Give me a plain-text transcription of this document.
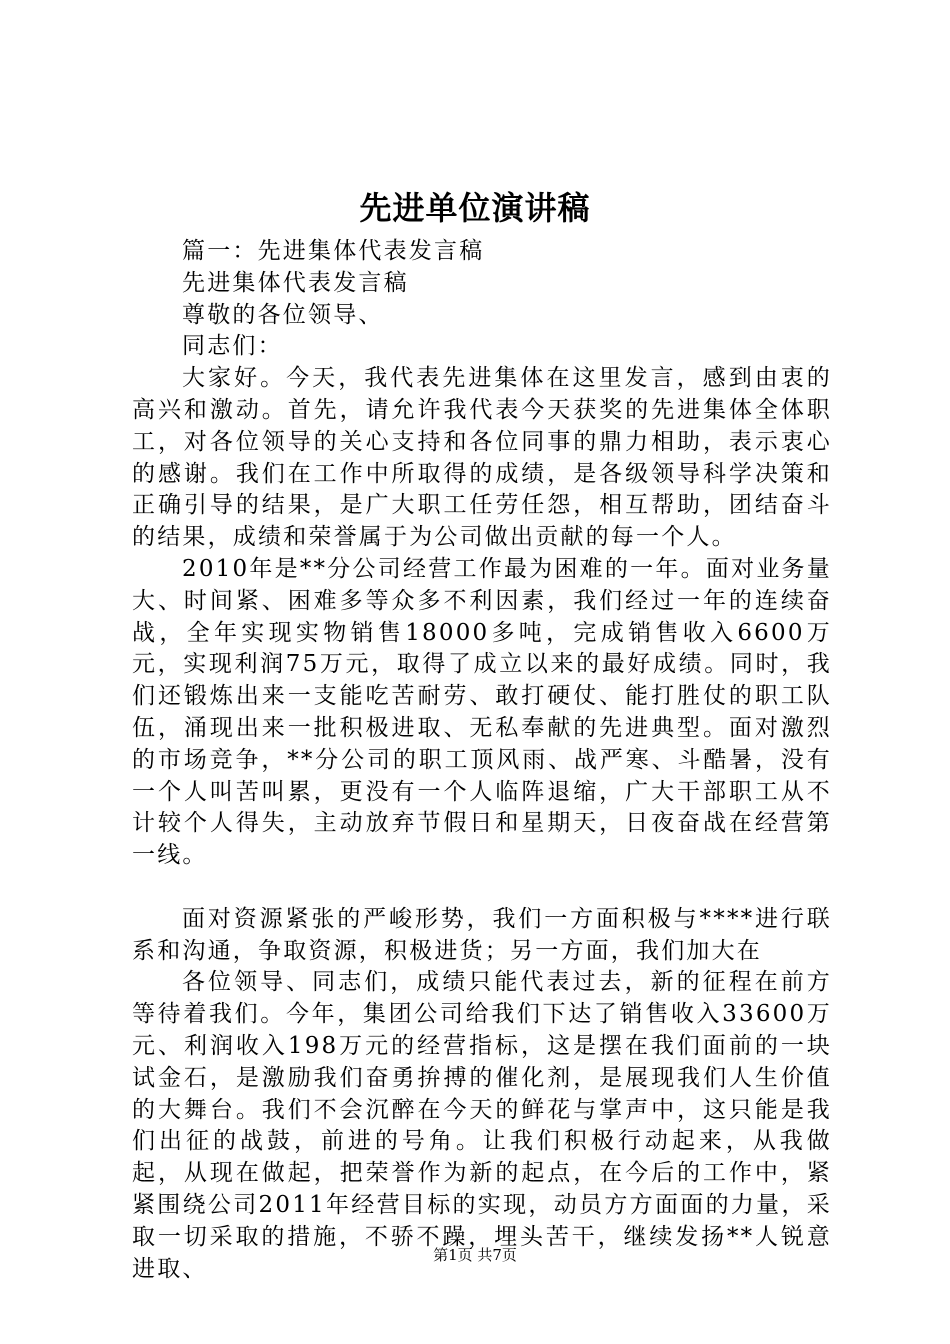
先进单位演讲稿

篇一：先进集体代表发言稿

先进集体代表发言稿

尊敬的各位领导、

同志们：

大家好。今天，我代表先进集体在这里发言，感到由衷的高兴和激动。首先，请允许我代表今天获奖的先进集体全体职工，对各位领导的关心支持和各位同事的鼎力相助，表示衷心的感谢。我们在工作中所取得的成绩，是各级领导科学决策和正确引导的结果，是广大职工任劳任怨，相互帮助，团结奋斗的结果，成绩和荣誉属于为公司做出贡献的每一个人。

2010年是**分公司经营工作最为困难的一年。面对业务量大、时间紧、困难多等众多不利因素，我们经过一年的连续奋战，全年实现实物销售18000多吨，完成销售收入6600万元，实现利润75万元，取得了成立以来的最好成绩。同时，我们还锻炼出来一支能吃苦耐劳、敢打硬仗、能打胜仗的职工队伍，涌现出来一批积极进取、无私奉献的先进典型。面对激烈的市场竞争，**分公司的职工顶风雨、战严寒、斗酷暑，没有一个人叫苦叫累，更没有一个人临阵退缩，广大干部职工从不计较个人得失，主动放弃节假日和星期天，日夜奋战在经营第一线。

面对资源紧张的严峻形势，我们一方面积极与****进行联系和沟通，争取资源，积极进货；另一方面，我们加大在

各位领导、同志们，成绩只能代表过去，新的征程在前方等待着我们。今年，集团公司给我们下达了销售收入33600万元、利润收入198万元的经营指标，这是摆在我们面前的一块试金石，是激励我们奋勇拚搏的催化剂，是展现我们人生价值的大舞台。我们不会沉醉在今天的鲜花与掌声中，这只能是我们出征的战鼓，前进的号角。让我们积极行动起来，从我做起，从现在做起，把荣誉作为新的起点，在今后的工作中，紧紧围绕公司2011年经营目标的实现，动员方方面面的力量，采取一切采取的措施，不骄不躁，埋头苦干，继续发扬**人锐意进取、

第1页 共7页
